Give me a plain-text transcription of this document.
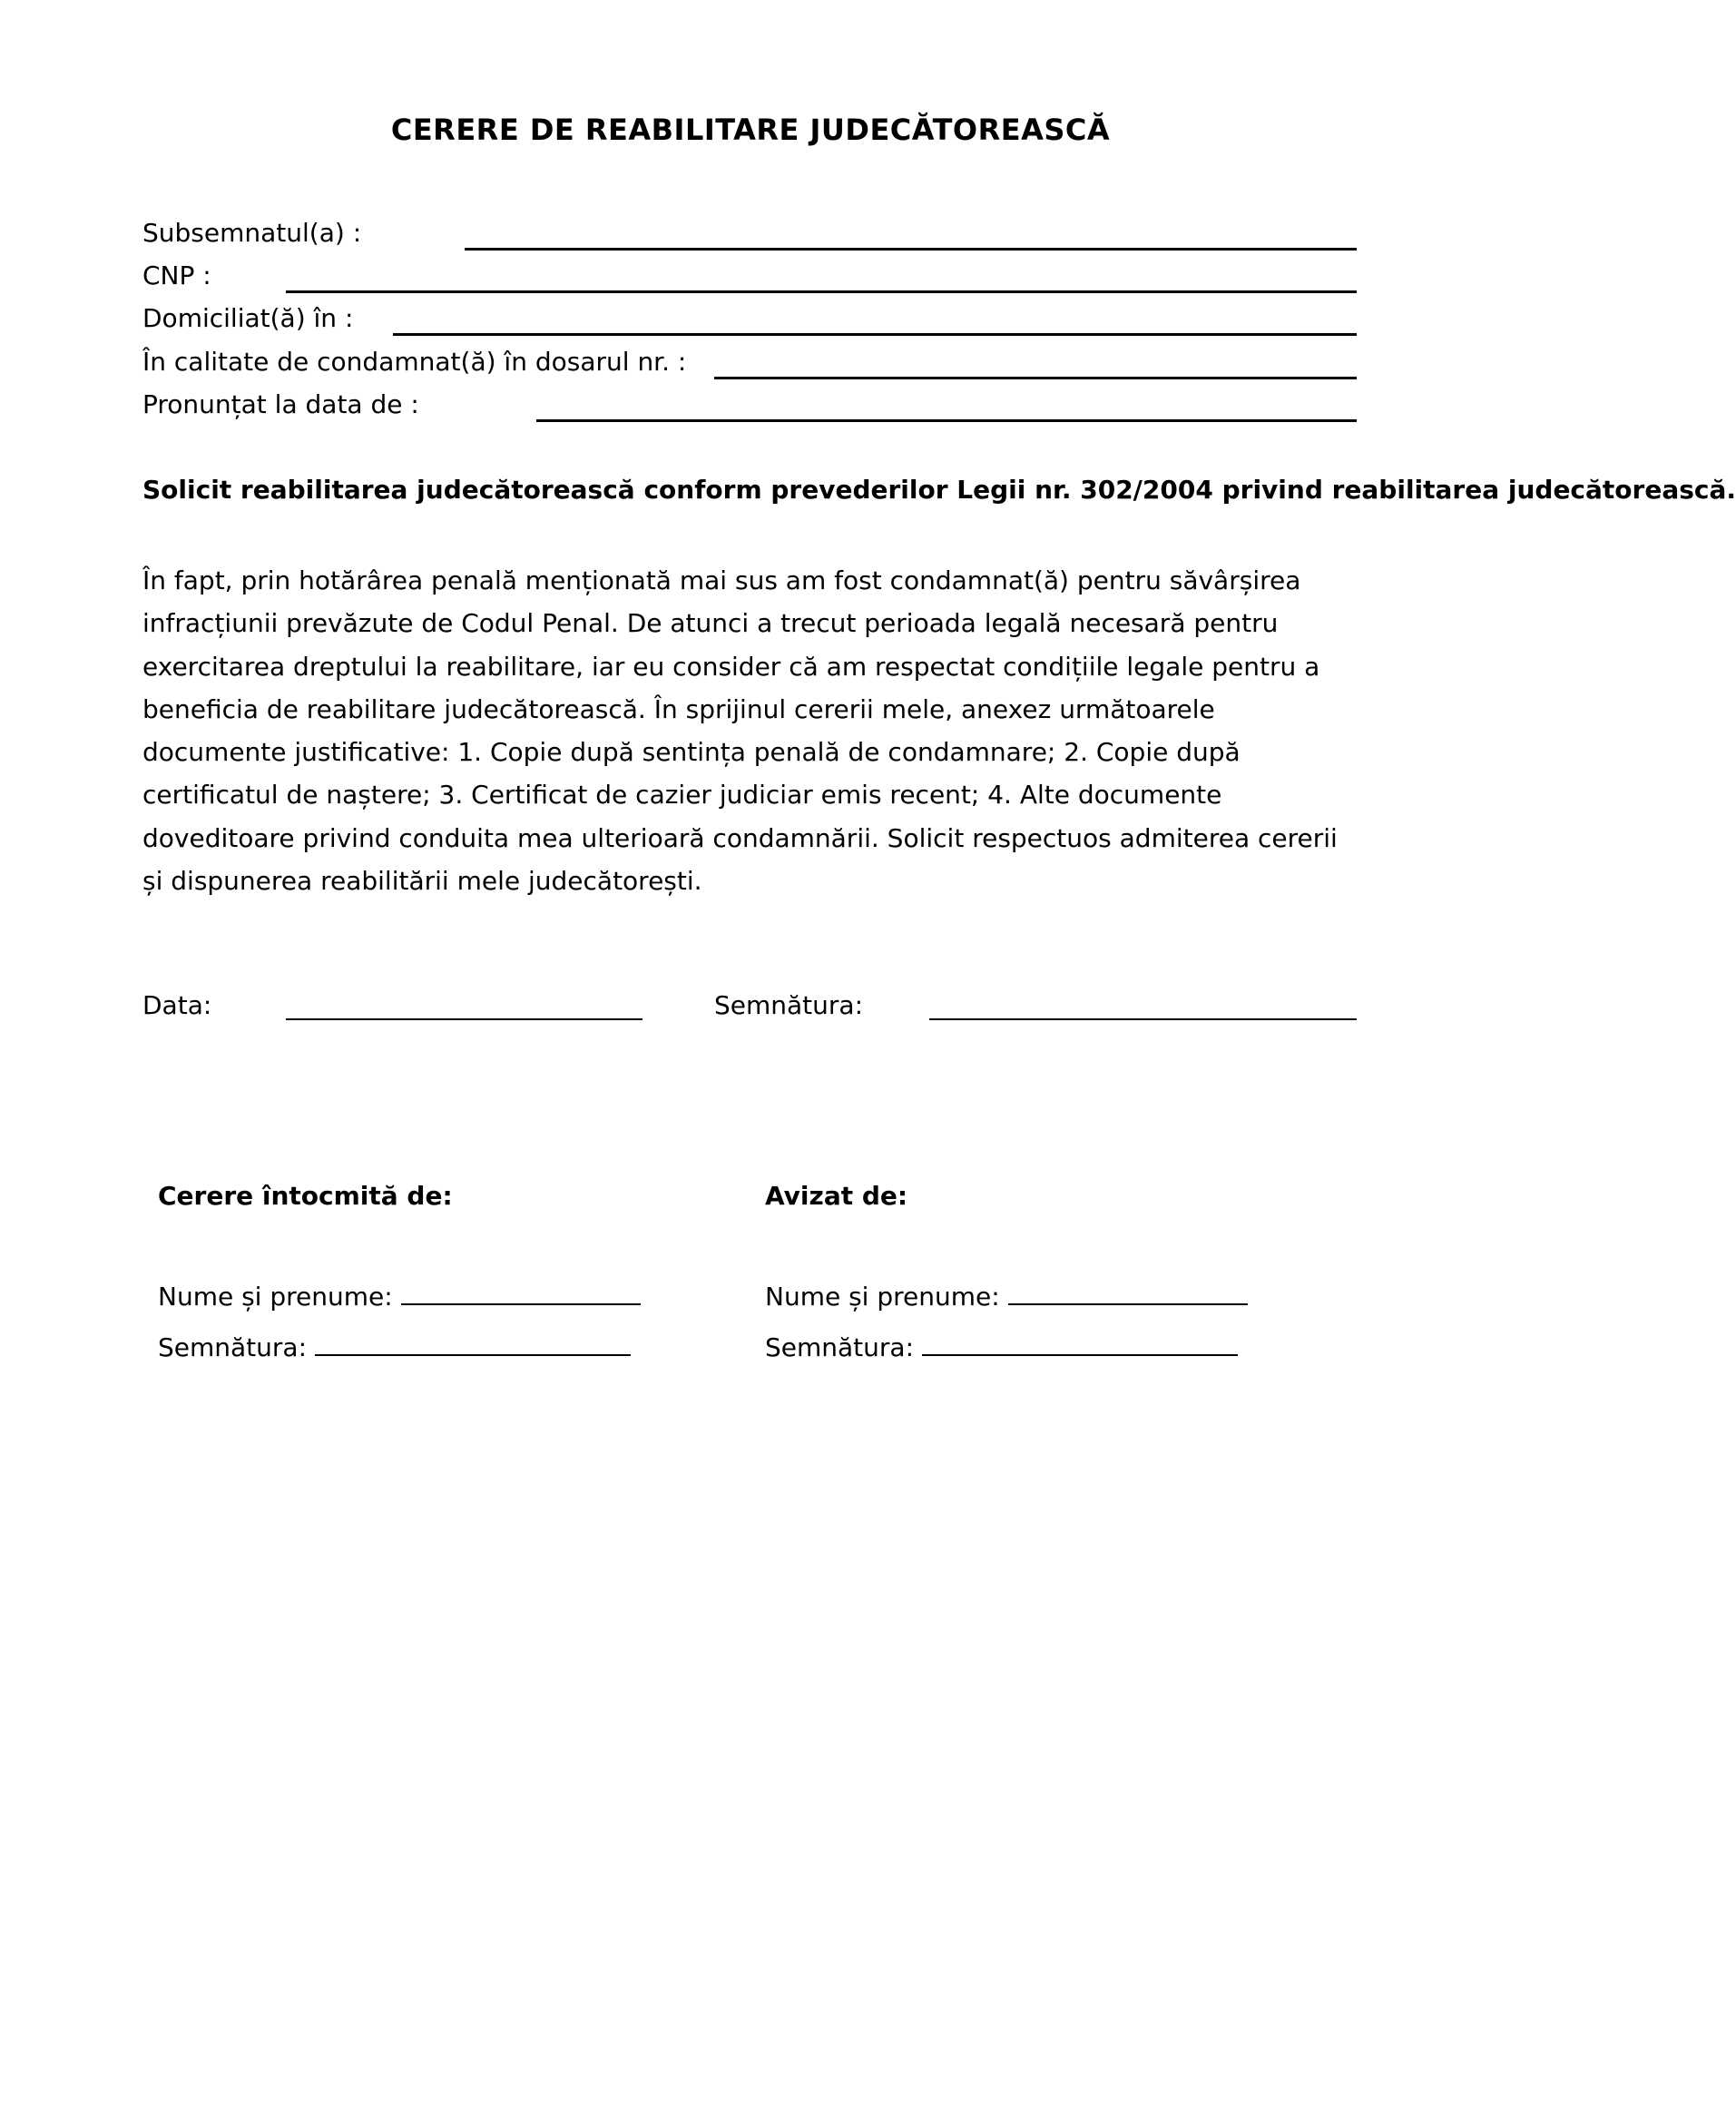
CERERE DE REABILITARE JUDECĂTOREASCĂ
Subsemnatul(a) :
CNP :
Domiciliat(ă) în :
În calitate de condamnat(ă) în dosarul nr. :
Pronunțat la data de :
Solicit reabilitarea judecătorească conform prevederilor Legii nr. 302/2004 privind reabilitarea judecătorească.
În fapt, prin hotărârea penală menționată mai sus am fost condamnat(ă) pentru săvârșirea infracțiunii prevăzute de Codul Penal. De atunci a trecut perioada legală necesară pentru exercitarea dreptului la reabilitare, iar eu consider că am respectat condițiile legale pentru a beneficia de reabilitare judecătorească. În sprijinul cererii mele, anexez următoarele documente justificative: 1. Copie după sentința penală de condamnare; 2. Copie după certificatul de naștere; 3. Certificat de cazier judiciar emis recent; 4. Alte documente doveditoare privind conduita mea ulterioară condamnării. Solicit respectuos admiterea cererii și dispunerea reabilitării mele judecătorești.
Data:	Semnătura:
Cerere întocmită de:
Nume și prenume:
Semnătura:
Avizat de:
Nume și prenume:
Semnătura:
